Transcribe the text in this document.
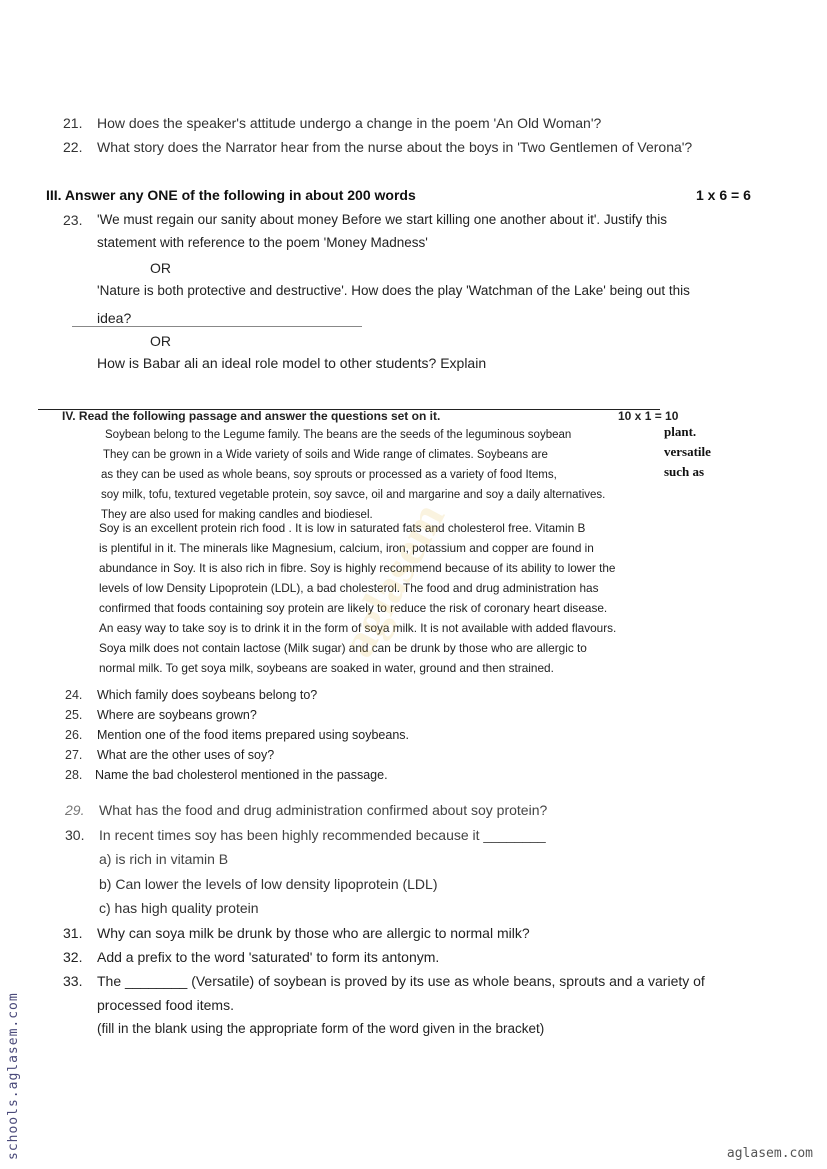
21. How does the speaker's attitude undergo a change in the poem 'An Old Woman'?
22. What story does the Narrator hear from the nurse about the boys in 'Two Gentlemen of Verona'?
III. Answer any ONE of the following in about 200 words	1 x 6 = 6
23. 'We must regain our sanity about money Before we start killing one another about it'. Justify this
statement with reference to the poem 'Money Madness'
OR
'Nature is both protective and destructive'. How does the play 'Watchman of the Lake' being out this
idea?
OR
How is Babar ali an ideal role model to other students? Explain
IV. Read the following passage and answer the questions set on it.	10 x 1 = 10
plant.
versatile
such as
Soybean belong to the Legume family. The beans are the seeds of the leguminous soybean
They can be grown in a Wide variety of soils and Wide range of climates. Soybeans are
as they can be used as whole beans, soy sprouts or processed as a variety of food Items,
soy milk, tofu, textured vegetable protein, soy savce, oil and margarine and soy a daily alternatives.
They are also used for making candles and biodiesel.
Soy is an excellent protein rich food . It is low in saturated fats and cholesterol free. Vitamin B
is plentiful in it. The minerals like Magnesium, calcium, iron, potassium and copper are found in
abundance in Soy. It is also rich in fibre. Soy is highly recommend because of its ability to lower the
levels of low Density Lipoprotein (LDL), a bad cholesterol. The food and drug administration has
confirmed that foods containing soy protein are likely to reduce the risk of coronary heart disease.
An easy way to take soy is to drink it in the form of soya milk. It is not available with added flavours.
Soya milk does not contain lactose (Milk sugar) and can be drunk by those who are allergic to
normal milk. To get soya milk, soybeans are soaked in water, ground and then strained.
aglasem
24. Which family does soybeans belong to?
25. Where are soybeans grown?
26. Mention one of the food items prepared using soybeans.
27. What are the other uses of soy?
28. Name the bad cholesterol mentioned in the passage.
29. What has the food and drug administration confirmed about soy protein?
30. In recent times soy has been highly recommended because it ________
a) is rich in vitamin B
b) Can lower the levels of low density lipoprotein (LDL)
c) has high quality protein
31. Why can soya milk be drunk by those who are allergic to normal milk?
32. Add a prefix to the word 'saturated' to form its antonym.
33. The ________ (Versatile) of soybean is proved by its use as whole beans, sprouts and a variety of
processed food items.
(fill in the blank using the appropriate form of the word given in the bracket)
schools.aglasem.com	aglasem.com
